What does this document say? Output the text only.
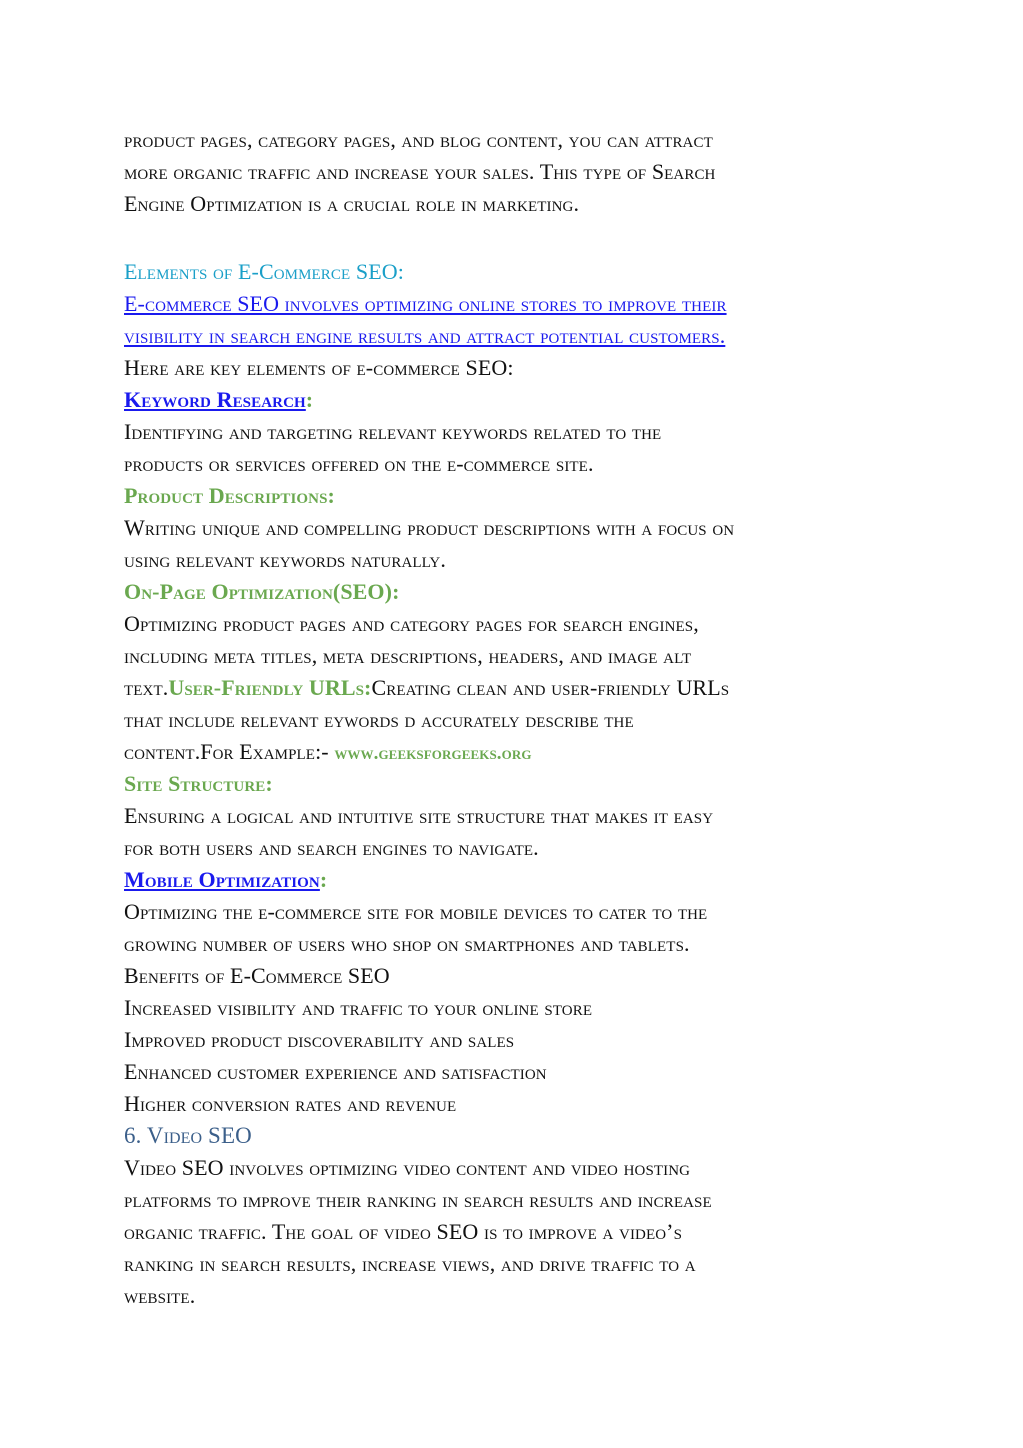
product pages, category pages, and blog content, you can attract
more organic traffic and increase your sales. This type of Search
Engine Optimization is a crucial role in marketing.
Elements of E-Commerce SEO:
E-commerce SEO involves optimizing online stores to improve their
visibility in search engine results and attract potential customers.
Here are key elements of e-commerce SEO:
Keyword Research:
Identifying and targeting relevant keywords related to the
products or services offered on the e-commerce site.
Product Descriptions:
Writing unique and compelling product descriptions with a focus on
using relevant keywords naturally.
On-Page Optimization(SEO):
Optimizing product pages and category pages for search engines,
including meta titles, meta descriptions, headers, and image alt
text.User-Friendly URLs:Creating clean and user-friendly URLs
that include relevant eywords d accurately describe the
content.For Example:- www.geeksforgeeks.org
Site Structure:
Ensuring a logical and intuitive site structure that makes it easy
for both users and search engines to navigate.
Mobile Optimization:
Optimizing the e-commerce site for mobile devices to cater to the
growing number of users who shop on smartphones and tablets.
Benefits of E-Commerce SEO
Increased visibility and traffic to your online store
Improved product discoverability and sales
Enhanced customer experience and satisfaction
Higher conversion rates and revenue
6. Video SEO
Video SEO involves optimizing video content and video hosting
platforms to improve their ranking in search results and increase
organic traffic. The goal of video SEO is to improve a video’s
ranking in search results, increase views, and drive traffic to a
website.
